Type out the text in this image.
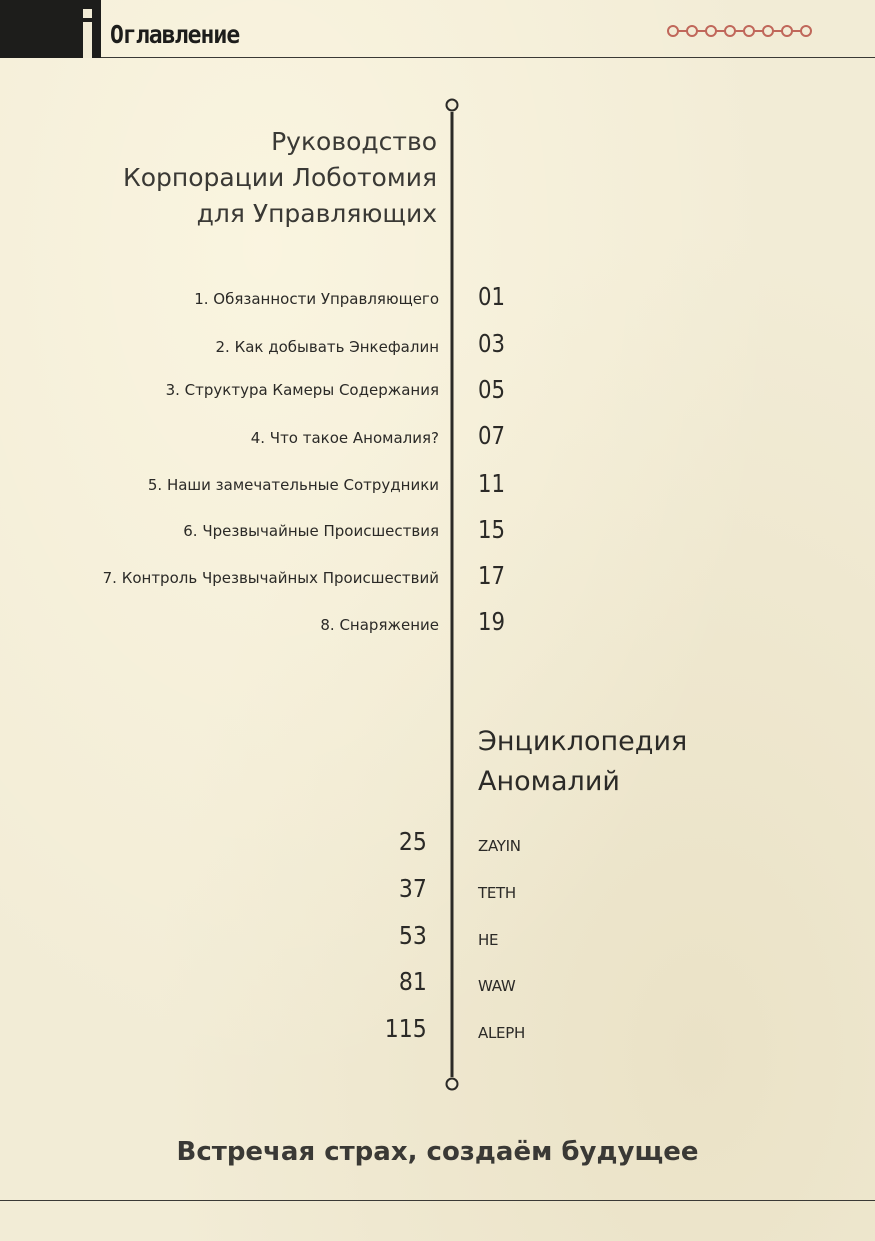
Оглавление
Руководство
Корпорации Лоботомия
для Управляющих
1. Обязанности Управляющего 01
2. Как добывать Энкефалин 03
3. Структура Камеры Содержания 05
4. Что такое Аномалия? 07
5. Наши замечательные Сотрудники 11
6. Чрезвычайные Происшествия 15
7. Контроль Чрезвычайных Происшествий 17
8. Снаряжение 19
Энциклопедия
Аномалий
25	ZAYIN
37	TETH
53	HE
81	WAW
115	ALEPH
Встречая страх, создаём будущее
